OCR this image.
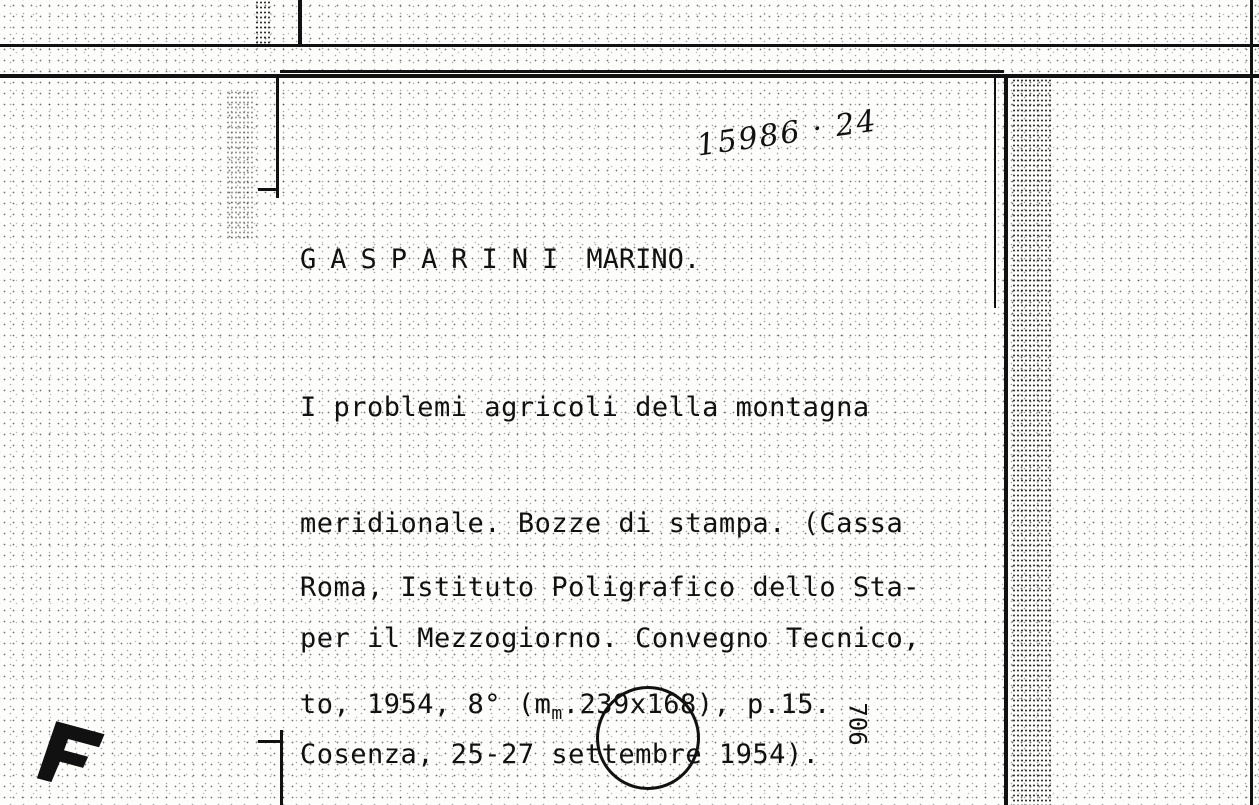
15986 · 24
GASPARINI MARINO.

I problemi agricoli della montagna

meridionale. Bozze di stampa. (Cassa

per il Mezzogiorno. Convegno Tecnico,

Cosenza, 25-27 settembre 1954).

Roma, Istituto Poligrafico dello Sta-

to, 1954, 8° $(m_m.239x168)$, p.15.

706
